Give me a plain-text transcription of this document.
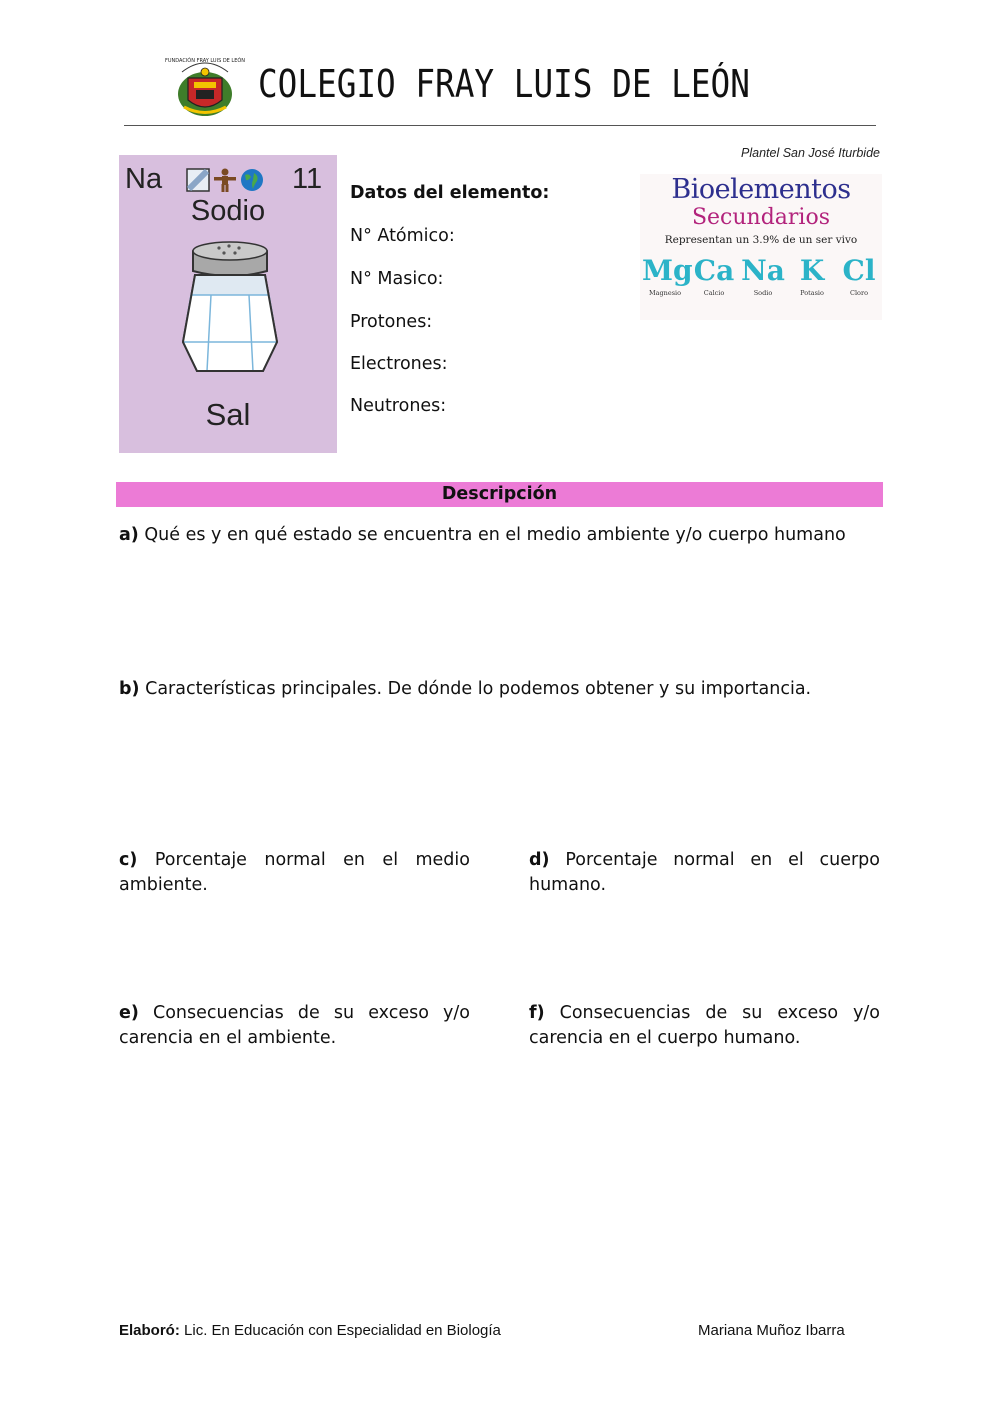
FUNDACIÓN FRAY LUIS DE LEÓN
COLEGIO FRAY LUIS DE LEÓN
Plantel San José Iturbide
Na	11
Sodio
Sal
Datos del elemento:
N° Atómico:
N° Masico:
Protones:
Electrones:
Neutrones:
Bioelementos
Secundarios
Representan un 3.9% de un ser vivo
Mg Ca Na K Cl
Magnesio	Calcio	Sodio	Potasio	Cloro
Descripción
a) Qué es y en qué estado se encuentra en el medio ambiente y/o cuerpo humano
b) Características principales. De dónde lo podemos obtener y su importancia.
c) Porcentaje normal en el medio ambiente.
d) Porcentaje normal en el cuerpo humano.
e) Consecuencias de su exceso y/o carencia en el ambiente.
f) Consecuencias de su exceso y/o carencia en el cuerpo humano.
Elaboró: Lic. En Educación con Especialidad en Biología	Mariana Muñoz Ibarra
